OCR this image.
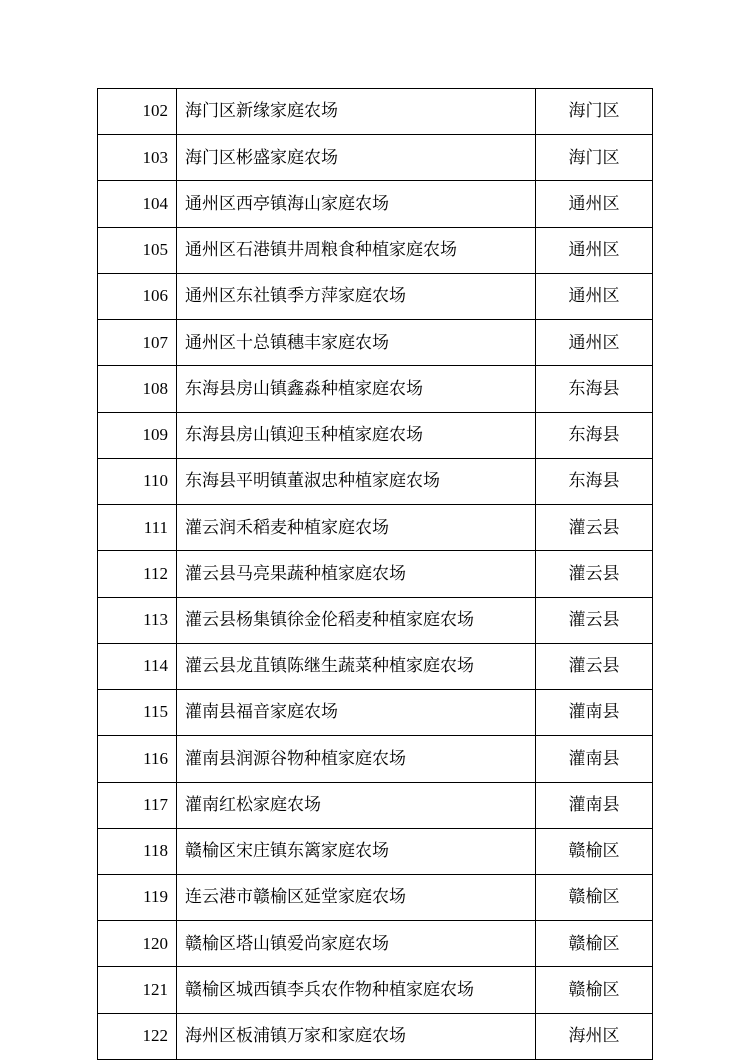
102	海门区新缘家庭农场	海门区
103	海门区彬盛家庭农场	海门区
104	通州区西亭镇海山家庭农场	通州区
105	通州区石港镇井周粮食种植家庭农场	通州区
106	通州区东社镇季方萍家庭农场	通州区
107	通州区十总镇穗丰家庭农场	通州区
108	东海县房山镇鑫淼种植家庭农场	东海县
109	东海县房山镇迎玉种植家庭农场	东海县
110	东海县平明镇董淑忠种植家庭农场	东海县
111	灌云润禾稻麦种植家庭农场	灌云县
112	灌云县马亮果蔬种植家庭农场	灌云县
113	灌云县杨集镇徐金伦稻麦种植家庭农场	灌云县
114	灌云县龙苴镇陈继生蔬菜种植家庭农场	灌云县
115	灌南县福音家庭农场	灌南县
116	灌南县润源谷物种植家庭农场	灌南县
117	灌南红松家庭农场	灌南县
118	赣榆区宋庄镇东篱家庭农场	赣榆区
119	连云港市赣榆区延堂家庭农场	赣榆区
120	赣榆区塔山镇爱尚家庭农场	赣榆区
121	赣榆区城西镇李兵农作物种植家庭农场	赣榆区
122	海州区板浦镇万家和家庭农场	海州区
